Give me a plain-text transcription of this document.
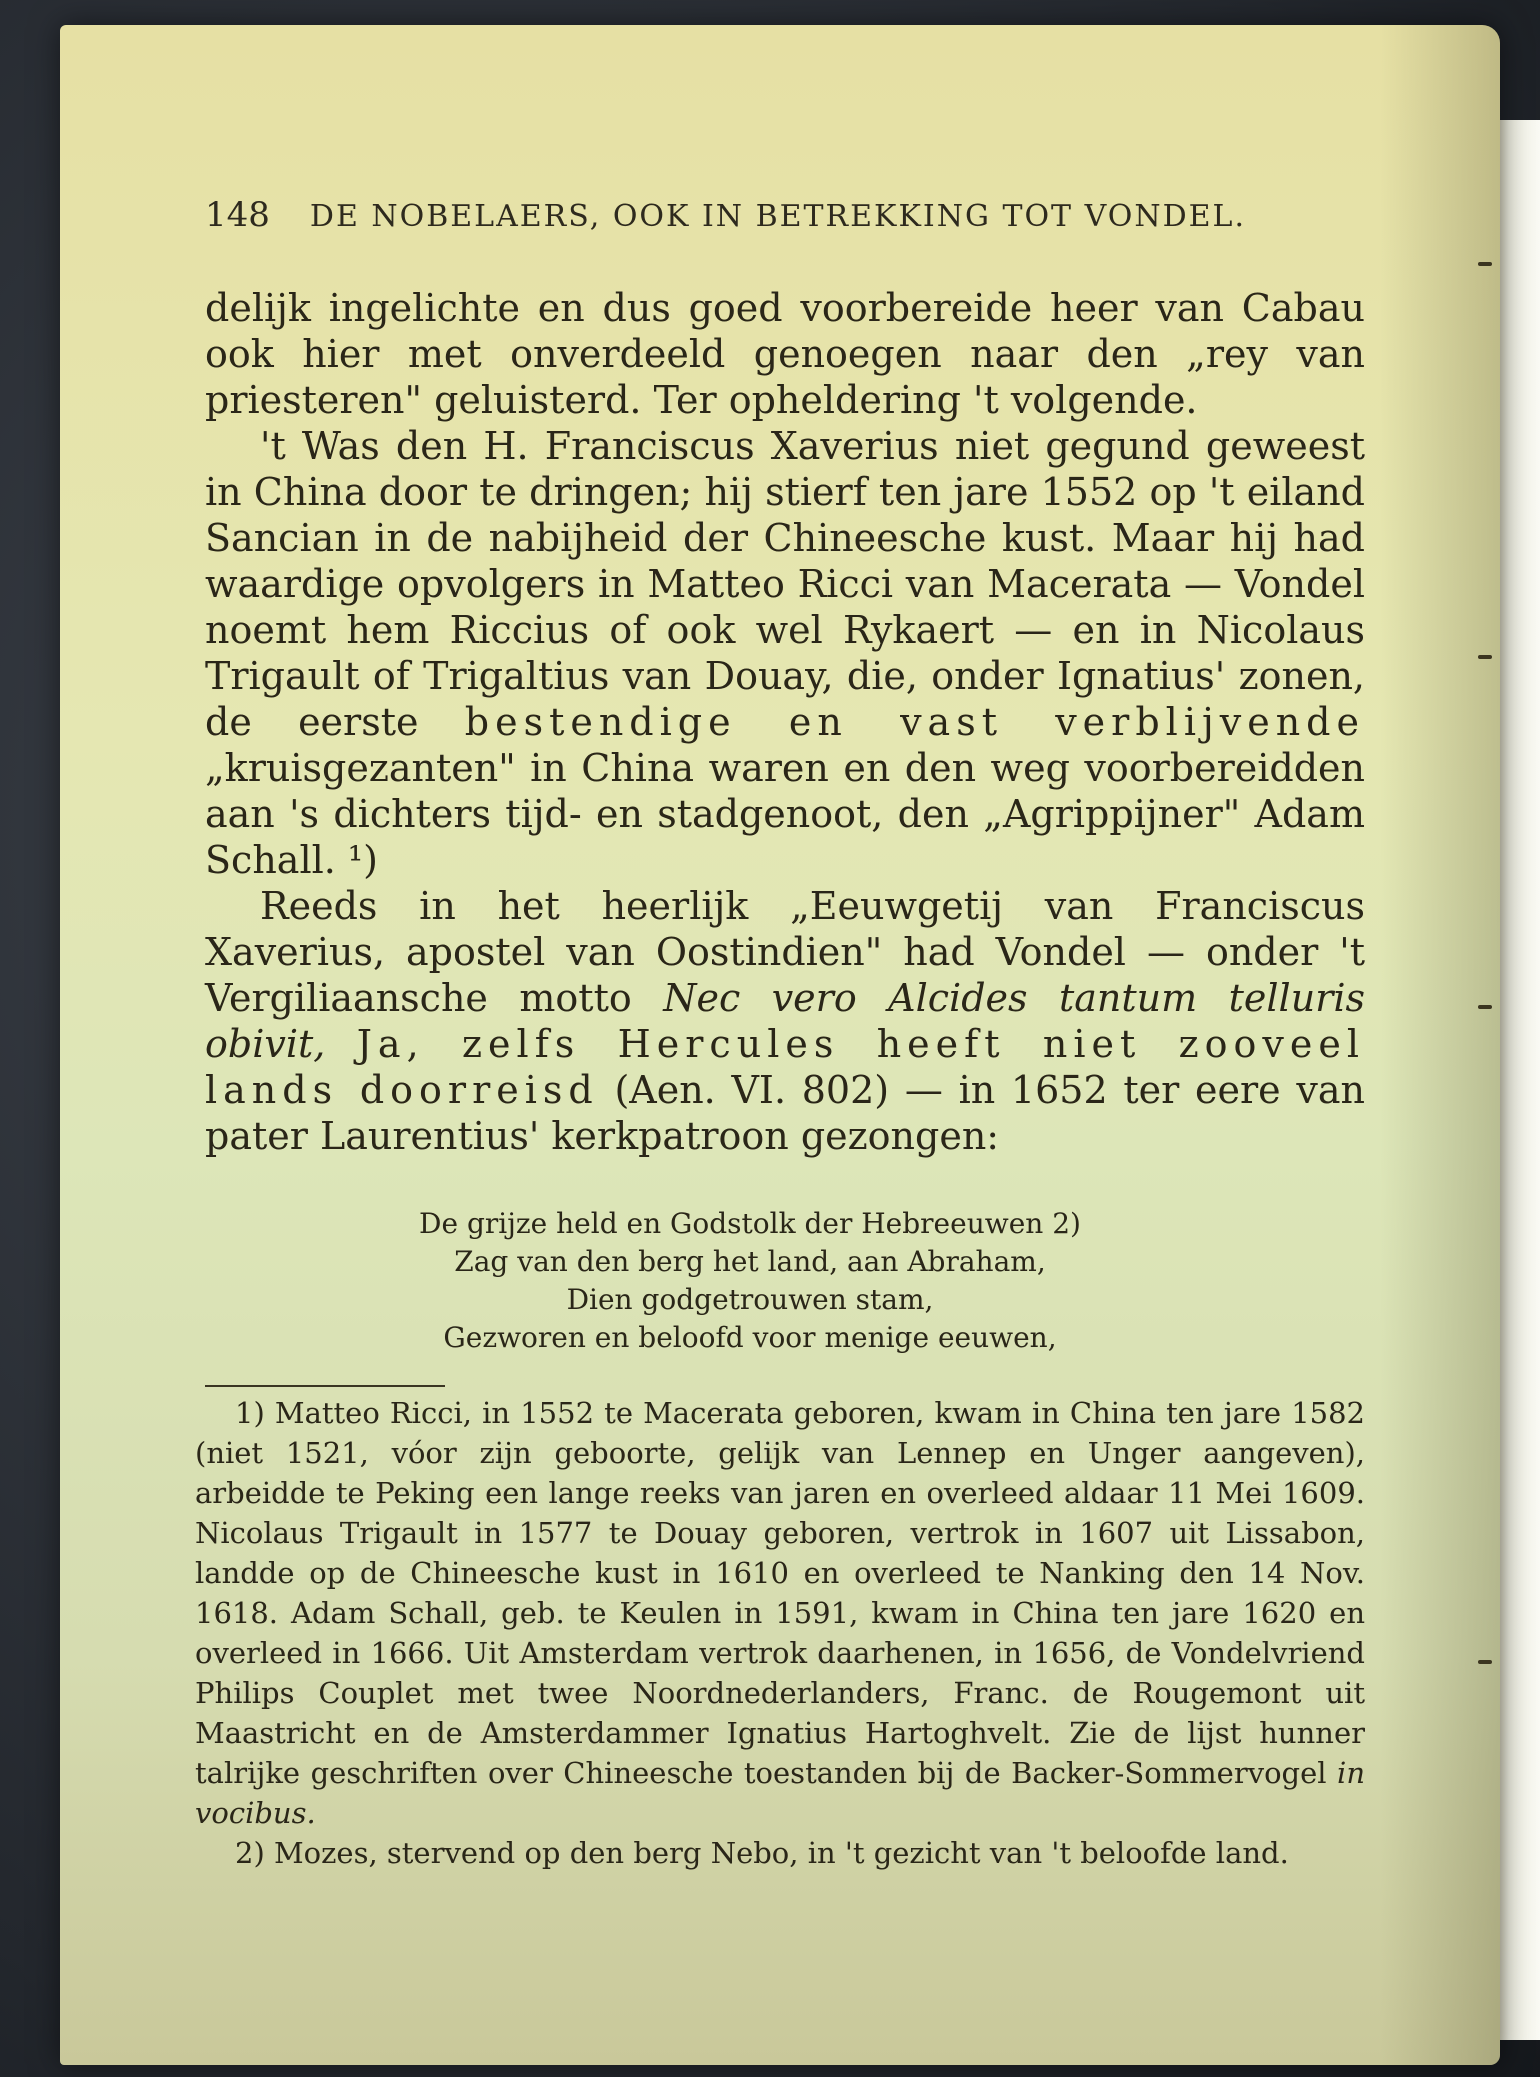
148 DE NOBELAERS, OOK IN BETREKKING TOT VONDEL.

delijk ingelichte en dus goed voorbereide heer van Cabau ook hier met onverdeeld genoegen naar den „rey van priesteren" geluisterd. Ter opheldering 't volgende.

't Was den H. Franciscus Xaverius niet gegund geweest in China door te dringen; hij stierf ten jare 1552 op 't eiland Sancian in de nabijheid der Chineesche kust. Maar hij had waardige opvolgers in Matteo Ricci van Macerata — Vondel noemt hem Riccius of ook wel Rykaert — en in Nicolaus Trigault of Trigaltius van Douay, die, onder Ignatius' zonen, de eerste bestendige en vast verblijvende „kruisgezanten" in China waren en den weg voorbereidden aan 's dichters tijd- en stadgenoot, den „Agrippijner" Adam Schall. ¹)

Reeds in het heerlijk „Eeuwgetij van Franciscus Xaverius, apostel van Oostindien" had Vondel — onder 't Vergiliaansche motto Nec vero Alcides tantum telluris obivit, Ja, zelfs Hercules heeft niet zooveel lands doorreisd (Aen. VI. 802) — in 1652 ter eere van pater Laurentius' kerkpatroon gezongen:

De grijze held en Godstolk der Hebreeuwen 2)
Zag van den berg het land, aan Abraham,
Dien godgetrouwen stam,
Gezworen en beloofd voor menige eeuwen,

1) Matteo Ricci, in 1552 te Macerata geboren, kwam in China ten jare 1582 (niet 1521, vóor zijn geboorte, gelijk van Lennep en Unger aangeven), arbeidde te Peking een lange reeks van jaren en overleed aldaar 11 Mei 1609. Nicolaus Trigault in 1577 te Douay geboren, vertrok in 1607 uit Lissabon, landde op de Chineesche kust in 1610 en overleed te Nanking den 14 Nov. 1618. Adam Schall, geb. te Keulen in 1591, kwam in China ten jare 1620 en overleed in 1666. Uit Amsterdam vertrok daarhenen, in 1656, de Vondelvriend Philips Couplet met twee Noordnederlanders, Franc. de Rougemont uit Maastricht en de Amsterdammer Ignatius Hartoghvelt. Zie de lijst hunner talrijke geschriften over Chineesche toestanden bij de Backer-Sommervogel in vocibus.

2) Mozes, stervend op den berg Nebo, in 't gezicht van 't beloofde land.
